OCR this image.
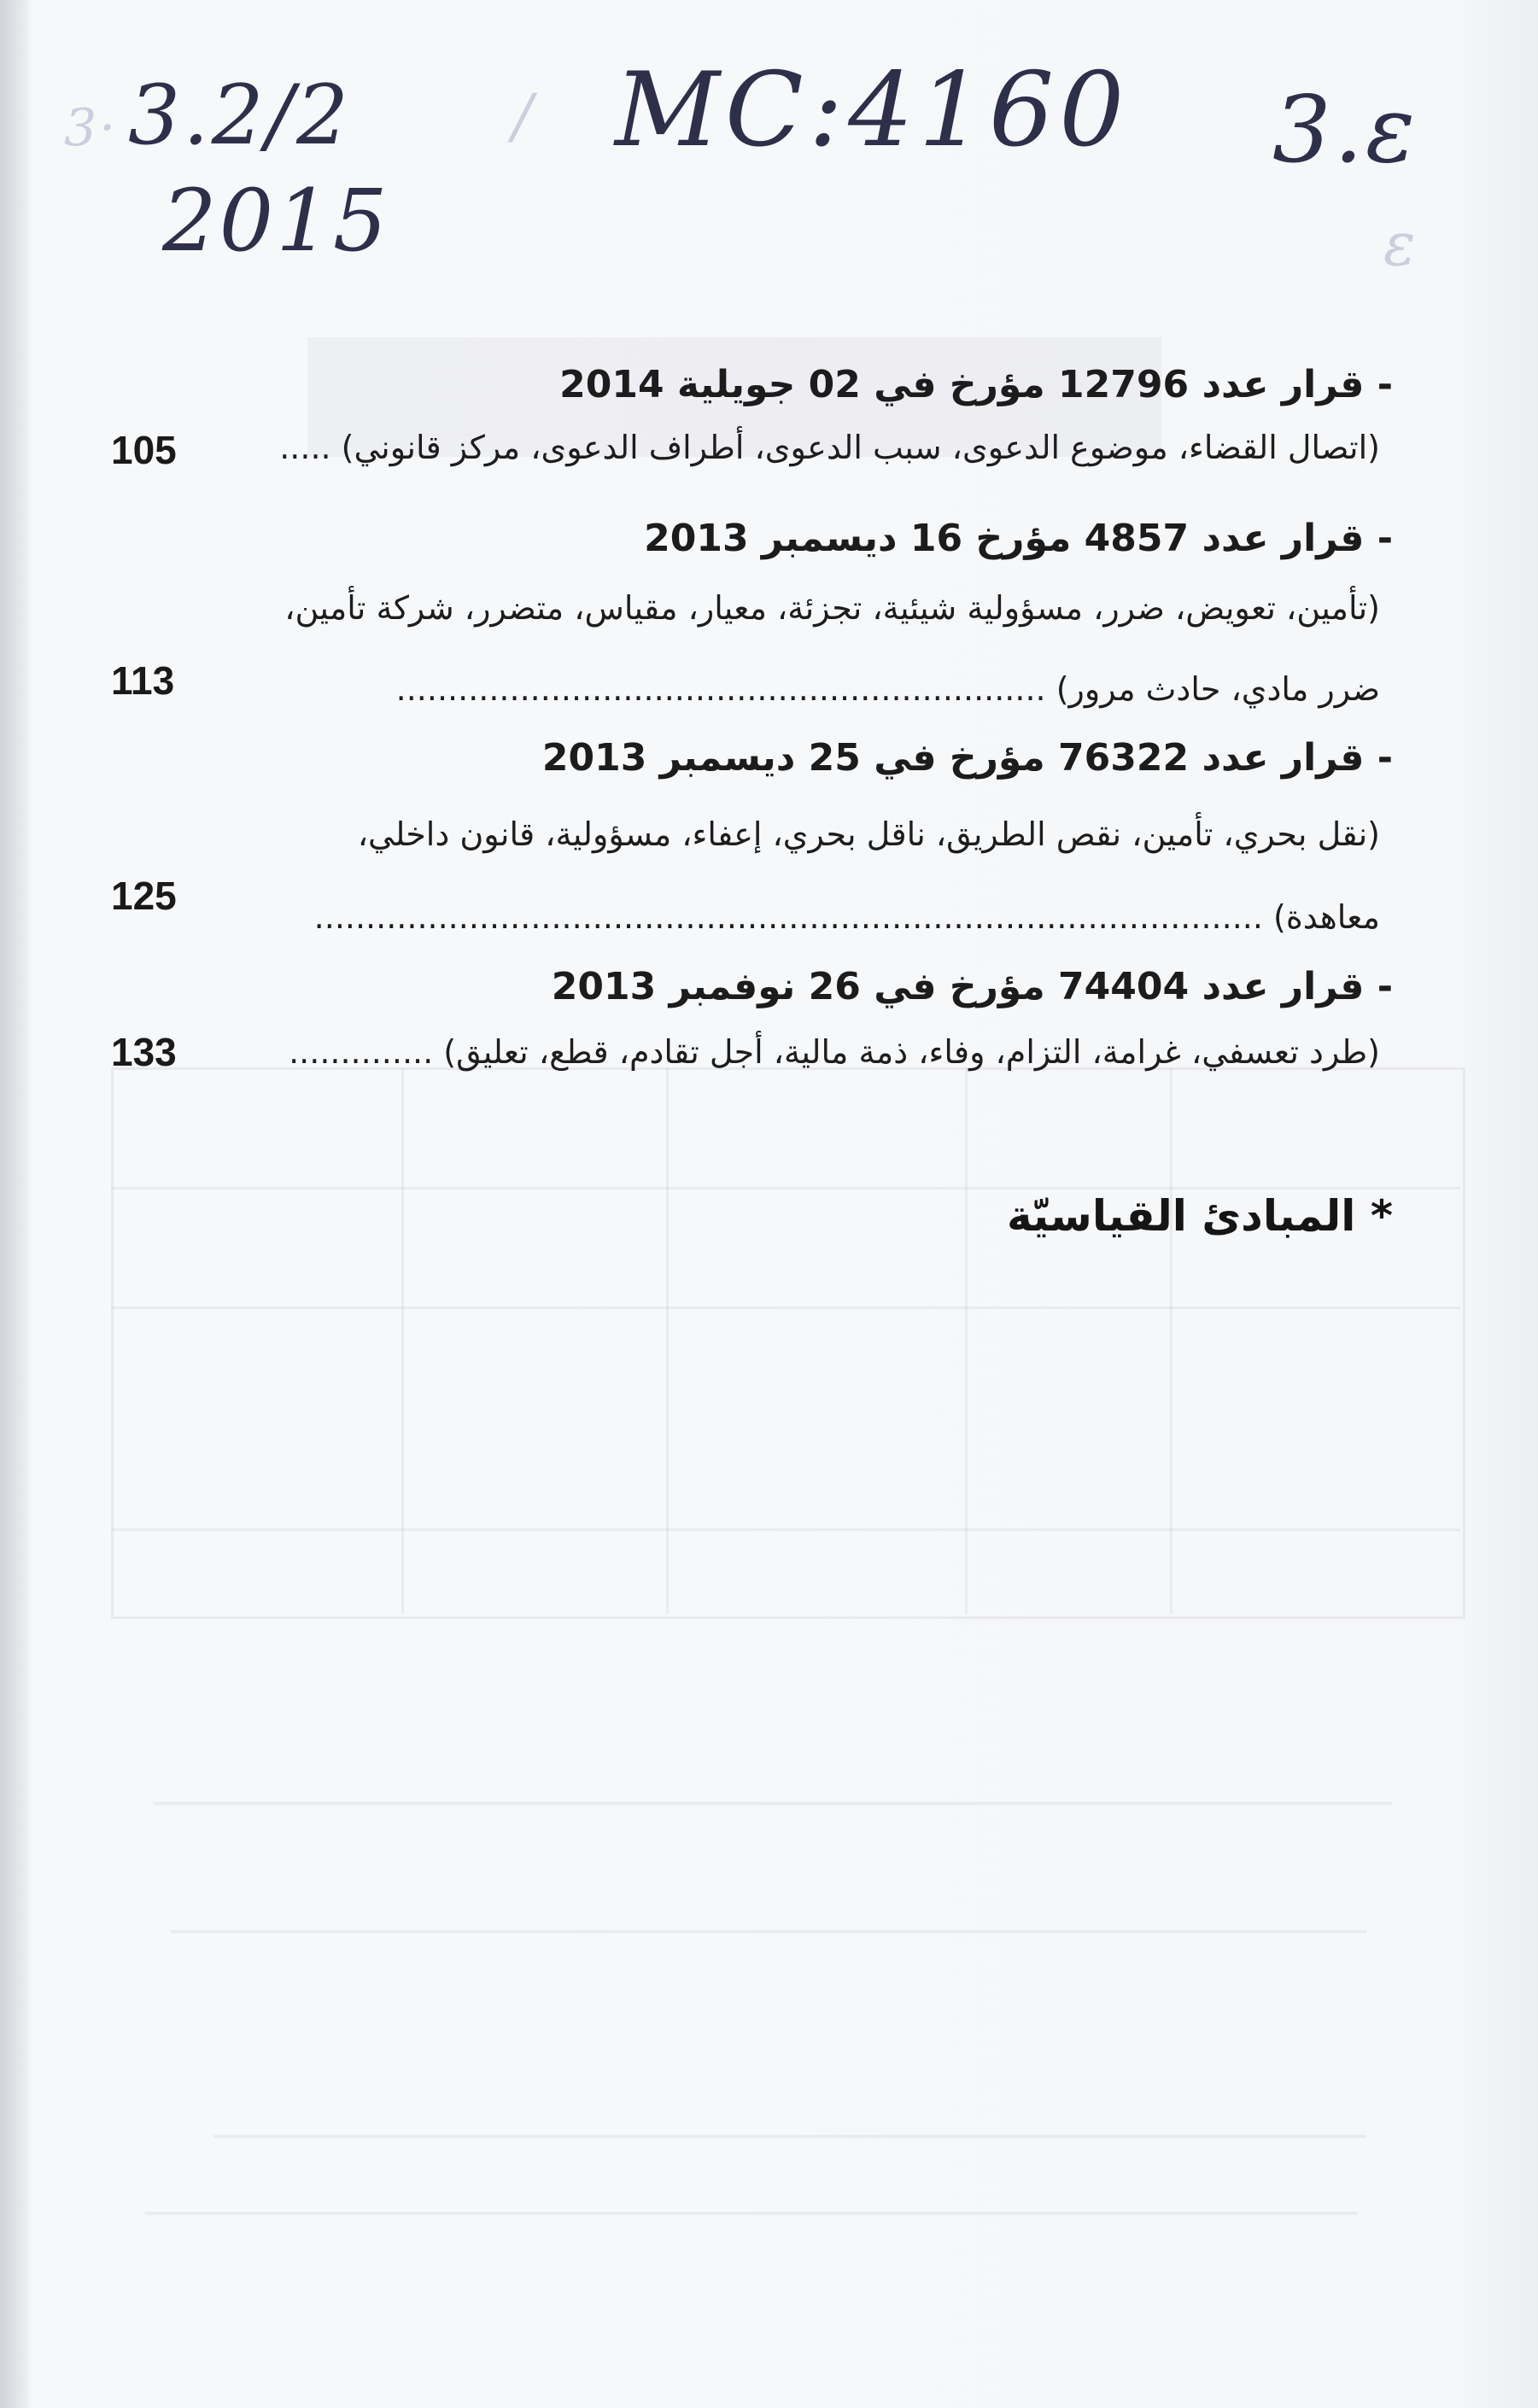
3·	/
ε
3.2/2
2015
MC:4160 3.ε
- قرار عدد 12796 مؤرخ في 02 جويلية 2014
(اتصال القضاء، موضوع الدعوى، سبب الدعوى، أطراف الدعوى، مركز قانوني) .....
105
- قرار عدد 4857 مؤرخ 16 ديسمبر 2013
(تأمين، تعويض، ضرر، مسؤولية شيئية، تجزئة، معيار، مقياس، متضرر، شركة تأمين،
ضرر مادي، حادث مرور) ...............................................................
113
- قرار عدد 76322 مؤرخ في 25 ديسمبر 2013
(نقل بحري، تأمين، نقص الطريق، ناقل بحري، إعفاء، مسؤولية، قانون داخلي،
معاهدة) ............................................................................................
125
- قرار عدد 74404 مؤرخ في 26 نوفمبر 2013
(طرد تعسفي، غرامة، التزام، وفاء، ذمة مالية، أجل تقادم، قطع، تعليق) ..............
133
* المبادئ القياسيّة
